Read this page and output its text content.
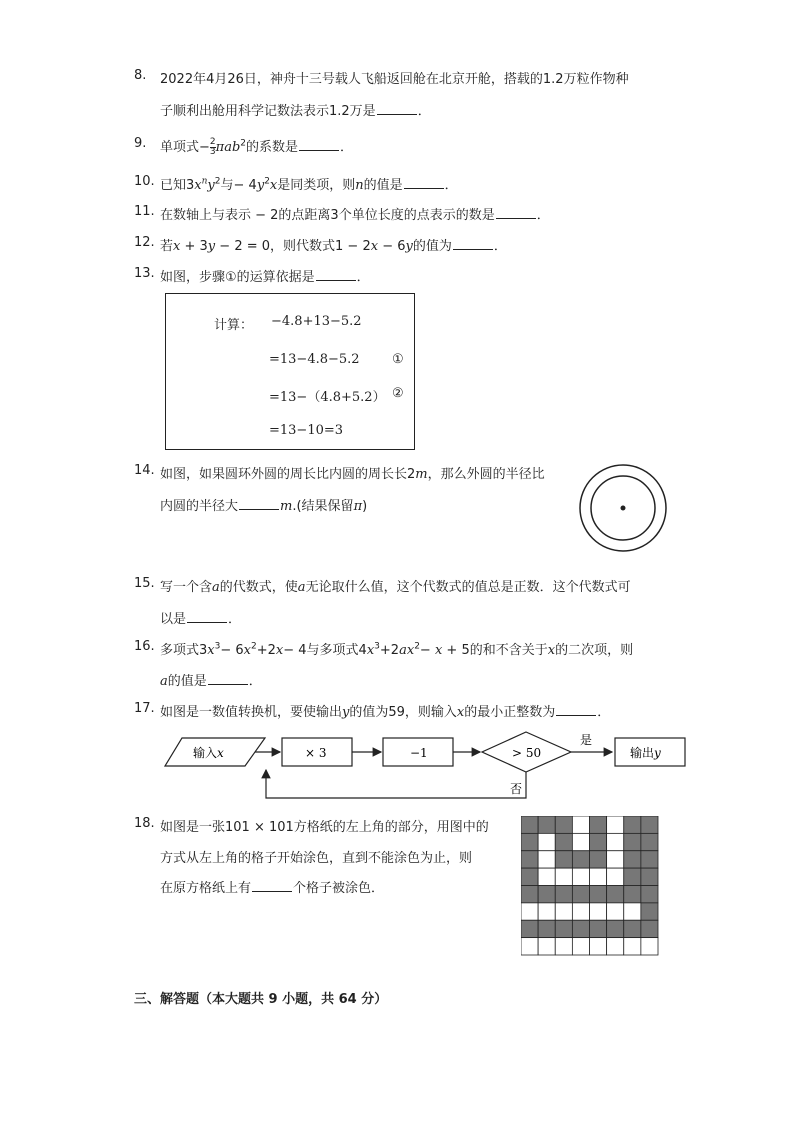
8.	2022年4月26日，神舟十三号载人飞船返回舱在北京开舱，搭载的1.2万粒作物种
子顺利出舱用科学记数法表示1.2万是	．
9.	单项式− $\frac{2}{3} \pi ab^2$的系数是	．
10. 已知$3x^ny^2$与− $4y^2x$是同类项，则n的值是	．
11. 在数轴上与表示 − 2的点距离3个单位长度的点表示的数是	．
12. 若x + 3y − 2 = 0，则代数式1 − 2x − 6y的值为	．
13. 如图，步骤①的运算依据是	．
计算： −4.8+13−5.2
=13−4.8−5.2 ①
=13−（4.8+5.2） ②
=13−10=3
14. 如图，如果圆环外圆的周长比内圆的周长长2m，那么外圆的半径比
内圆的半径大	m.(结果保留π)
15. 写一个含a的代数式，使a无论取什么值，这个代数式的值总是正数．这个代数式可
以是	．
16. 多项式$3x^3- 6x^2+2x- 4$与多项式$4x^3+2ax^2- x + 5$的和不含关于x的二次项，则
a的值是	．
17. 如图是一数值转换机，要使输出y的值为59，则输入x的最小正整数为	．
输入x	× 3	−1	> 50
是
输出y
否
18. 如图是一张101 × 101方格纸的左上角的部分，用图中的
方式从左上角的格子开始涂色，直到不能涂色为止，则
在原方格纸上有	个格子被涂色．
三、解答题（本大题共 9 小题，共 64 分）
